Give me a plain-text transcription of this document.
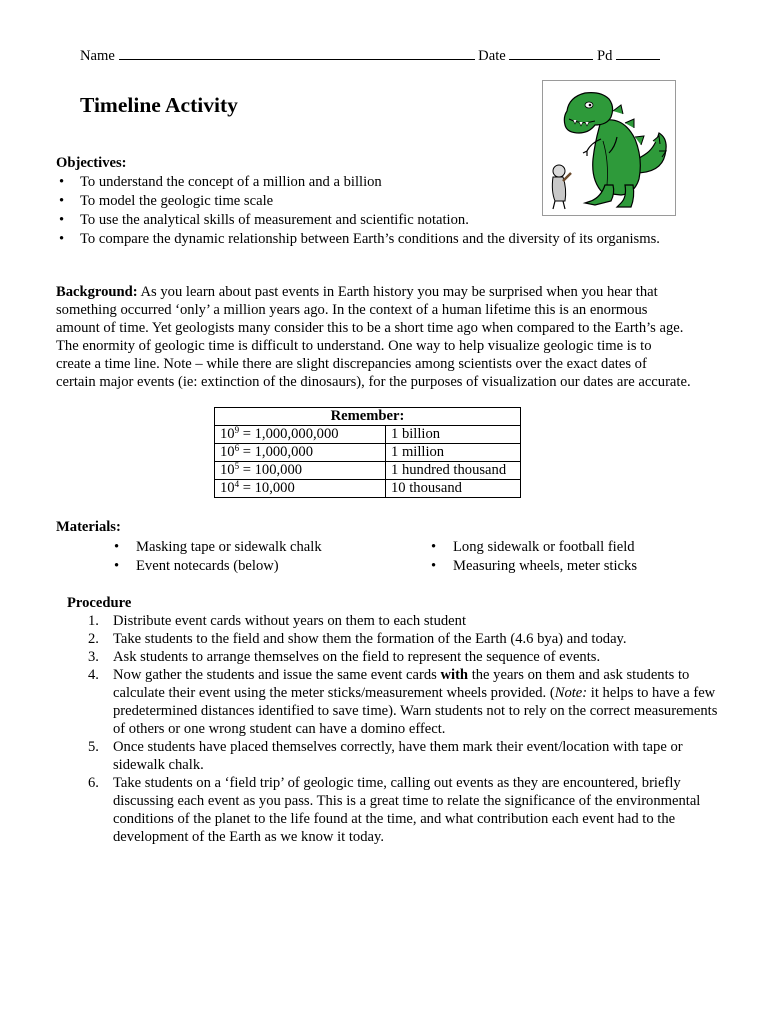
Name	Date	Pd
Timeline Activity
Objectives:
• To understand the concept of a million and a billion
• To model the geologic time scale
• To use the analytical skills of measurement and scientific notation.
• To compare the dynamic relationship between Earth’s conditions and the diversity of its organisms.
Background: As you learn about past events in Earth history you may be surprised when you hear that
something occurred ‘only’ a million years ago. In the context of a human lifetime this is an enormous
amount of time. Yet geologists many consider this to be a short time ago when compared to the Earth’s age.
The enormity of geologic time is difficult to understand. One way to help visualize geologic time is to
create a time line. Note – while there are slight discrepancies among scientists over the exact dates of
certain major events (ie: extinction of the dinosaurs), for the purposes of visualization our dates are accurate.
Remember:	
$10^9 = 1,000,000,000$	1 billion
$10^6 = 1,000,000$	1 million
$10^5 = 100,000$	1 hundred thousand
$10^4 = 10,000$	10 thousand
Materials:
• Masking tape or sidewalk chalk
• Event notecards (below)
• Long sidewalk or football field
• Measuring wheels, meter sticks
Procedure
1. Distribute event cards without years on them to each student
2. Take students to the field and show them the formation of the Earth (4.6 bya) and today.
3. Ask students to arrange themselves on the field to represent the sequence of events.
4. Now gather the students and issue the same event cards with the years on them and ask students to calculate their event using the meter sticks/measurement wheels provided. (Note: it helps to have a few predetermined distances identified to save time). Warn students not to rely on the correct measurements of others or one wrong student can have a domino effect.
5. Once students have placed themselves correctly, have them mark their event/location with tape or sidewalk chalk.
6. Take students on a ‘field trip’ of geologic time, calling out events as they are encountered, briefly discussing each event as you pass. This is a great time to relate the significance of the environmental conditions of the planet to the life found at the time, and what contribution each event had to the development of the Earth as we know it today.
